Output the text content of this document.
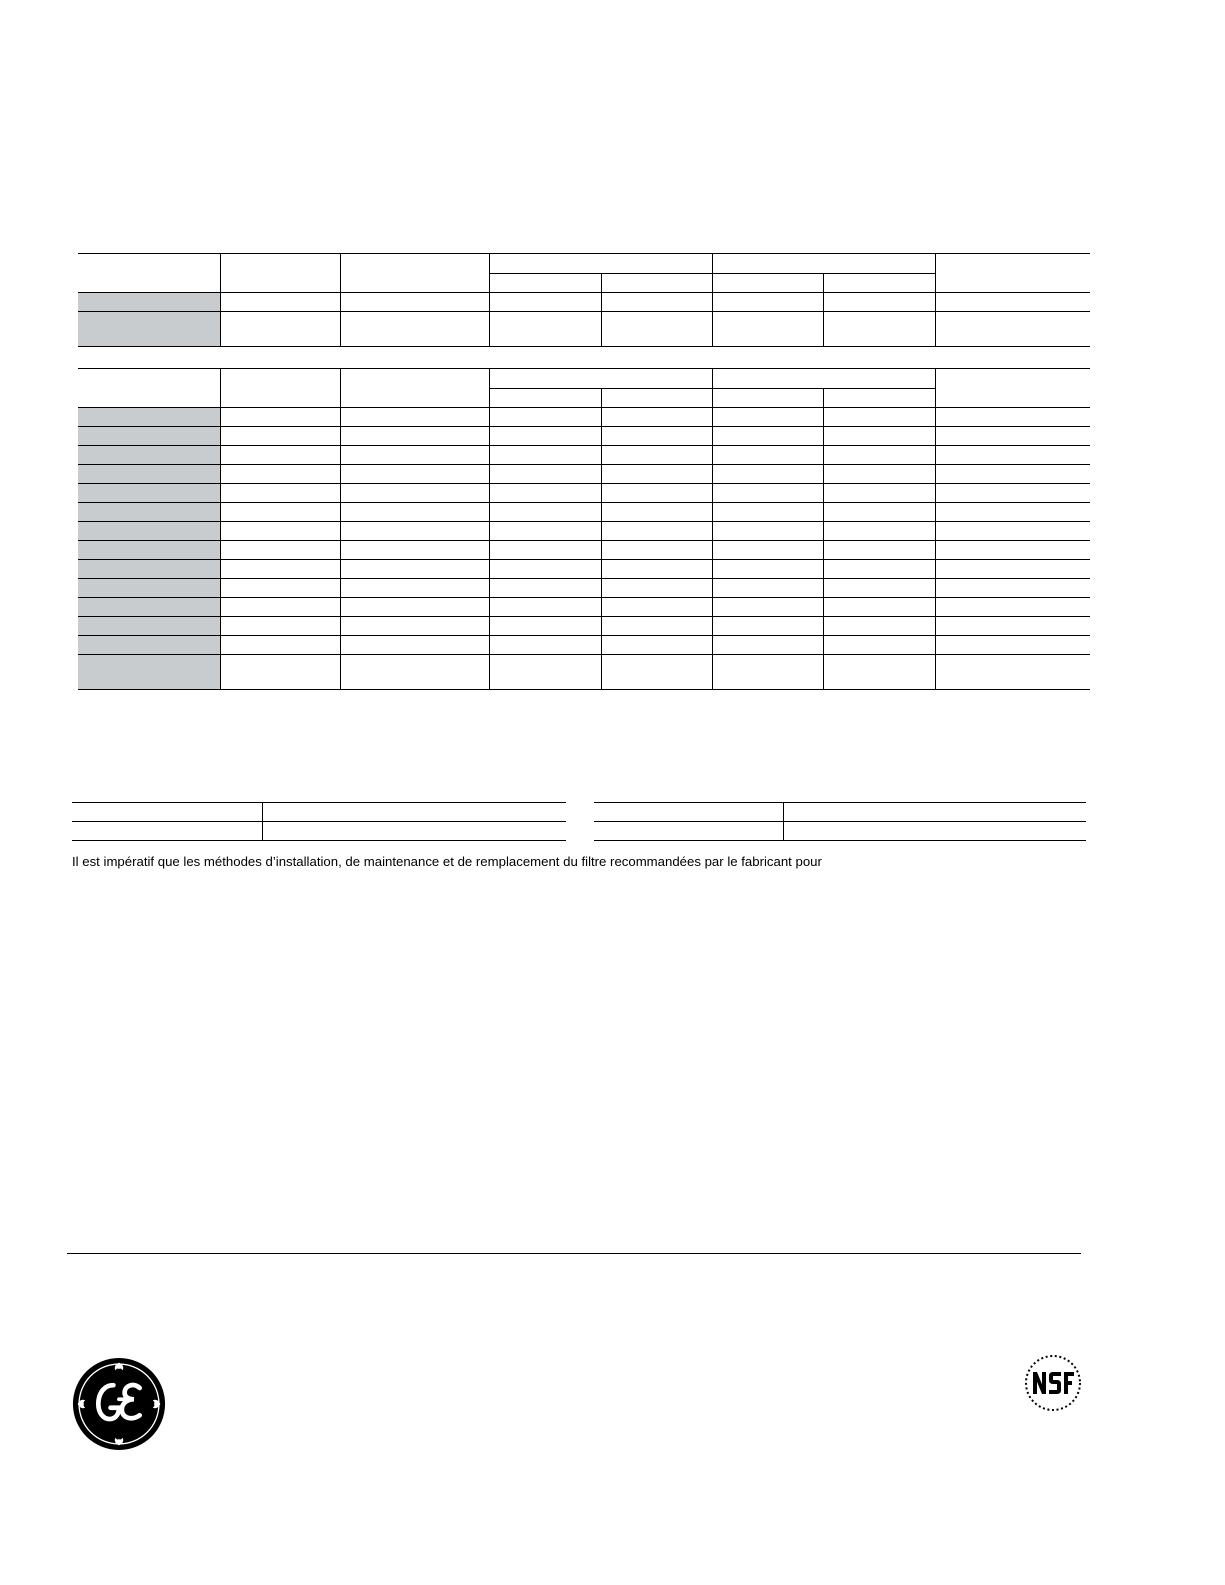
Il est impératif que les méthodes d’installation, de maintenance et de remplacement du filtre recommandées par le fabricant pour
